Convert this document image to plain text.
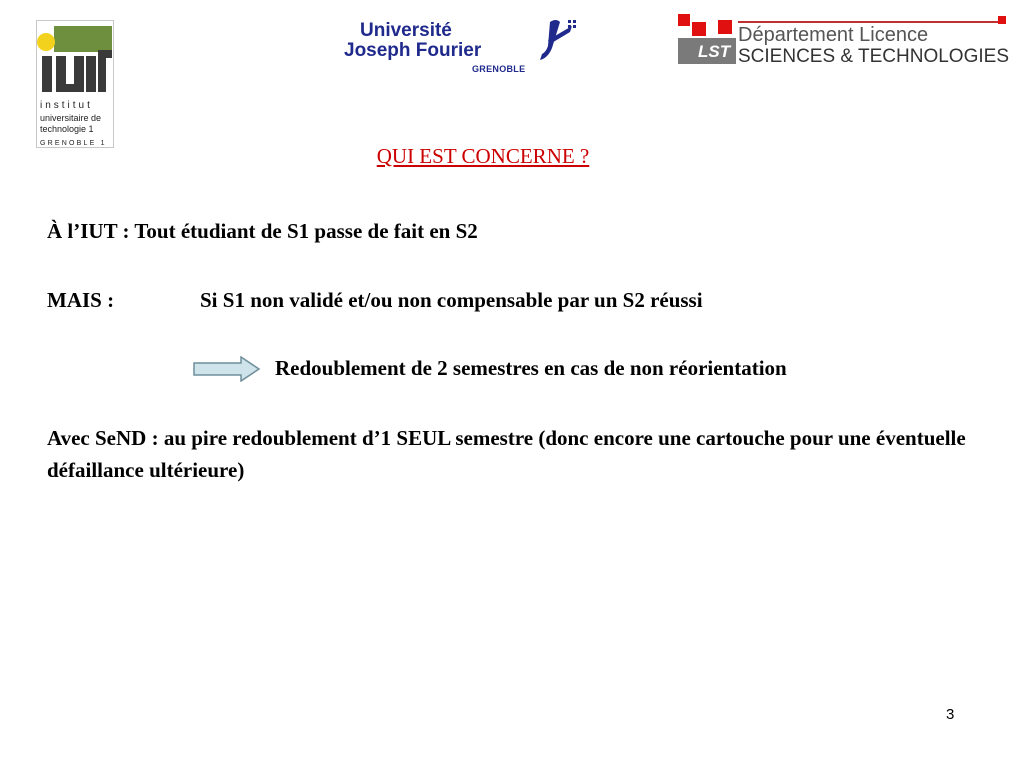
institut
universitaire de
technologie 1
GRENOBLE 1
Université
Joseph Fourier
GRENOBLE
LST
Département Licence
SCIENCES & TECHNOLOGIES
QUI EST CONCERNE ?
À l’IUT : Tout étudiant de S1 passe de fait en S2
MAIS :	Si S1 non validé et/ou non compensable par un S2 réussi
Redoublement de 2 semestres en cas de non réorientation
Avec SeND : au pire redoublement d’1 SEUL semestre (donc encore une cartouche pour une éventuelle défaillance ultérieure)
3
